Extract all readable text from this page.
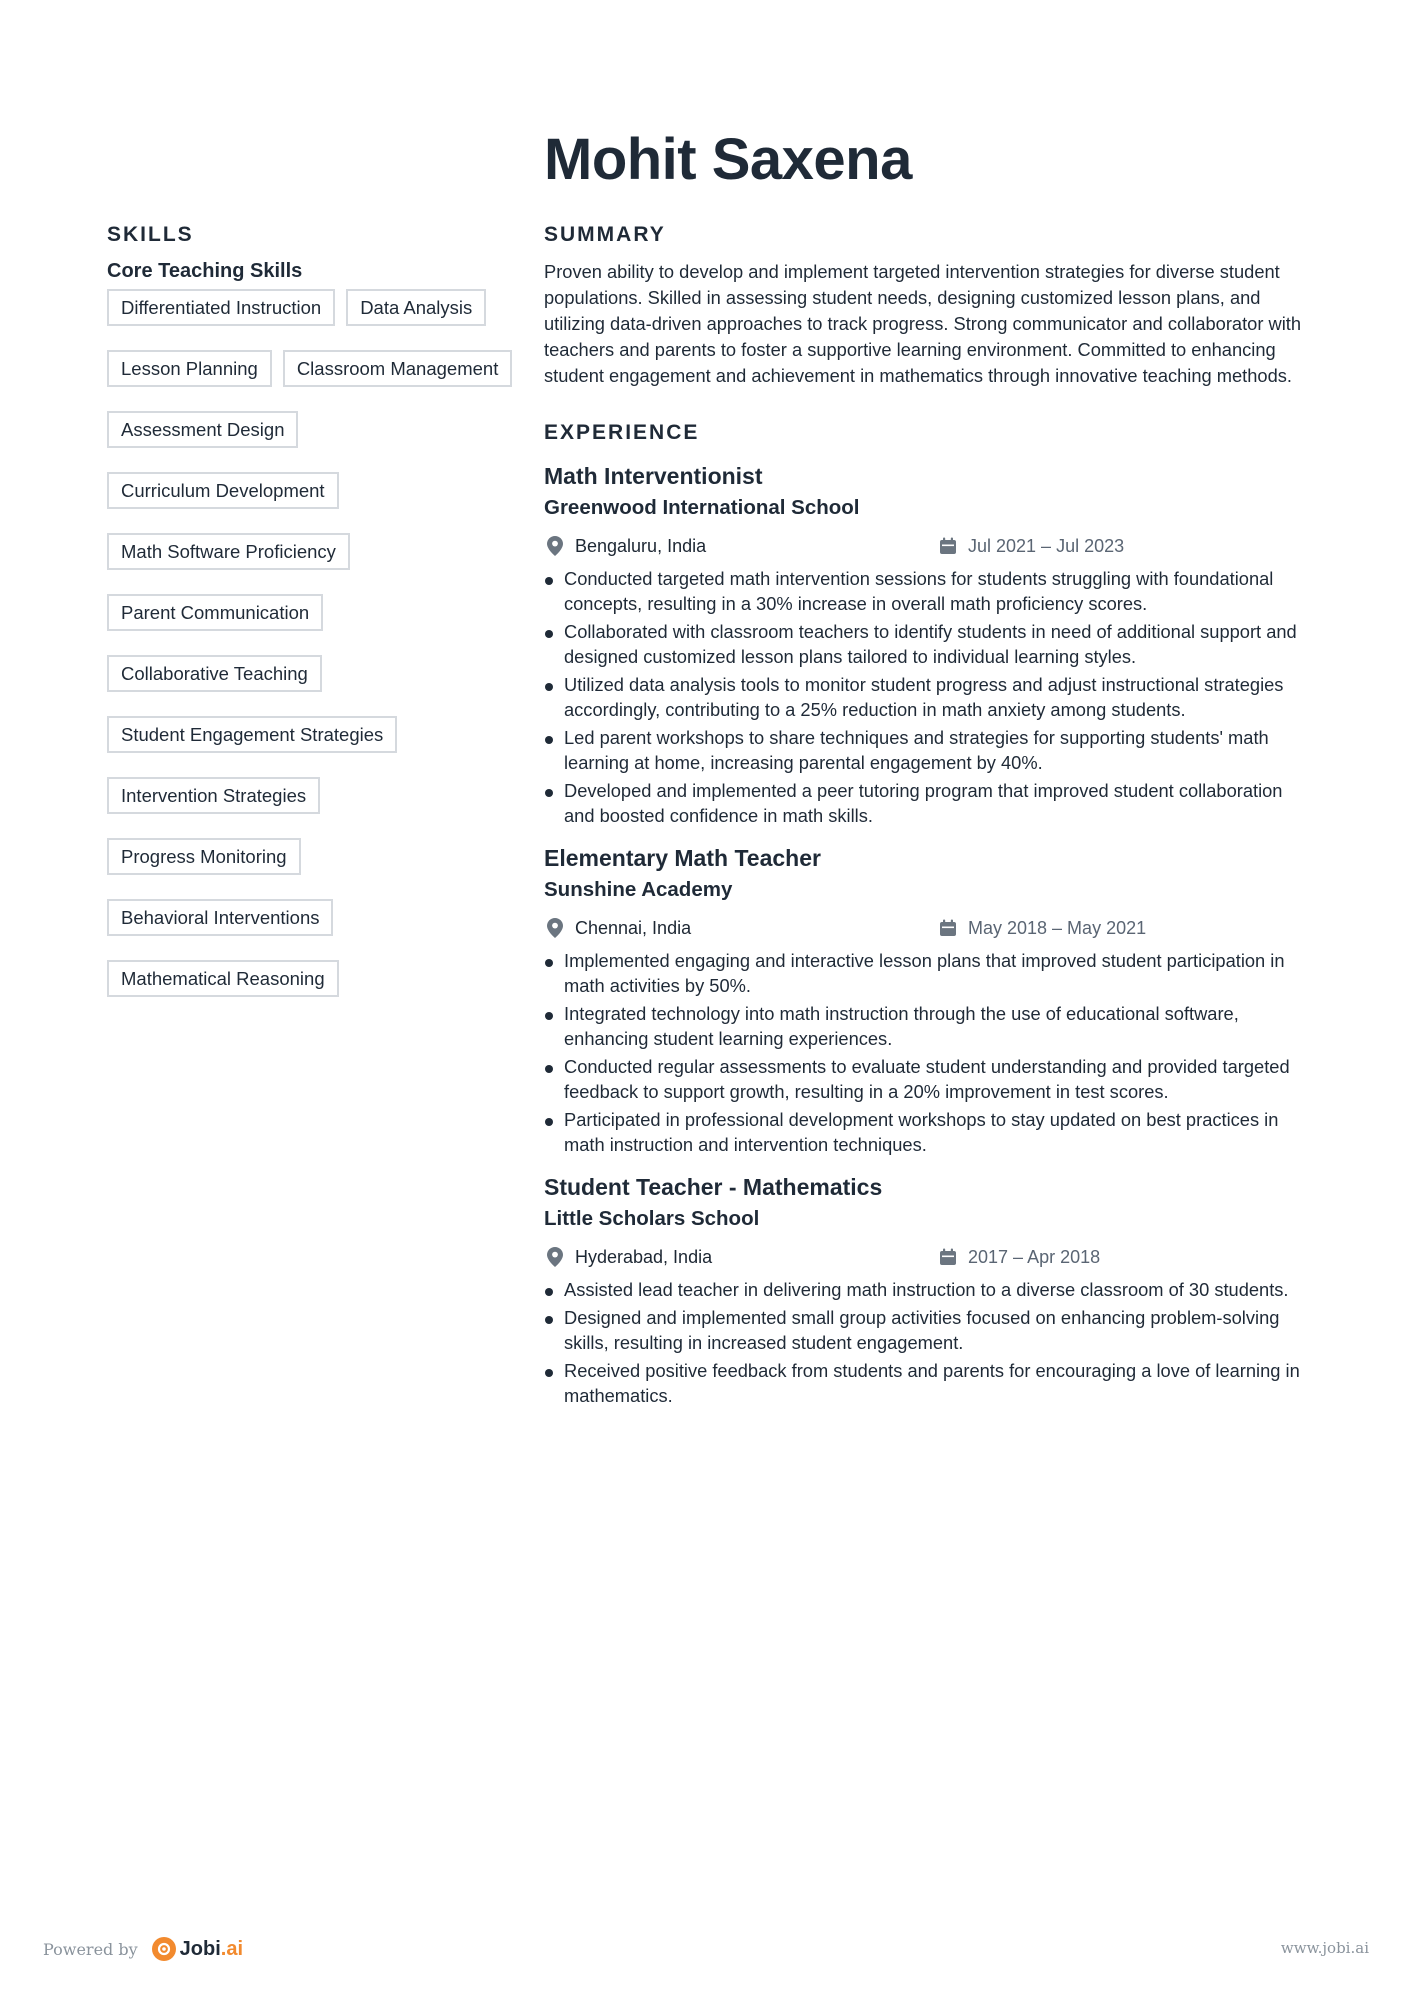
Mohit Saxena
SKILLS
Core Teaching Skills
Differentiated Instruction	Data Analysis
Lesson Planning	Classroom Management
Assessment Design
Curriculum Development
Math Software Proficiency
Parent Communication
Collaborative Teaching
Student Engagement Strategies
Intervention Strategies
Progress Monitoring
Behavioral Interventions
Mathematical Reasoning
SUMMARY

Proven ability to develop and implement targeted intervention strategies for diverse student populations. Skilled in assessing student needs, designing customized lesson plans, and utilizing data-driven approaches to track progress. Strong communicator and collaborator with teachers and parents to foster a supportive learning environment. Committed to enhancing student engagement and achievement in mathematics through innovative teaching methods.

EXPERIENCE
Math Interventionist
Greenwood International School
Bengaluru, India	Jul 2021 – Jul 2023
Conducted targeted math intervention sessions for students struggling with foundational concepts, resulting in a 30% increase in overall math proficiency scores.
Collaborated with classroom teachers to identify students in need of additional support and designed customized lesson plans tailored to individual learning styles.
Utilized data analysis tools to monitor student progress and adjust instructional strategies accordingly, contributing to a 25% reduction in math anxiety among students.
Led parent workshops to share techniques and strategies for supporting students' math learning at home, increasing parental engagement by 40%.
Developed and implemented a peer tutoring program that improved student collaboration and boosted confidence in math skills.
Elementary Math Teacher
Sunshine Academy
Chennai, India	May 2018 – May 2021
Implemented engaging and interactive lesson plans that improved student participation in math activities by 50%.
Integrated technology into math instruction through the use of educational software, enhancing student learning experiences.
Conducted regular assessments to evaluate student understanding and provided targeted feedback to support growth, resulting in a 20% improvement in test scores.
Participated in professional development workshops to stay updated on best practices in math instruction and intervention techniques.
Student Teacher - Mathematics
Little Scholars School
Hyderabad, India	2017 – Apr 2018
Assisted lead teacher in delivering math instruction to a diverse classroom of 30 students.
Designed and implemented small group activities focused on enhancing problem-solving skills, resulting in increased student engagement.
Received positive feedback from students and parents for encouraging a love of learning in mathematics.
Powered by Jobi.ai	www.jobi.ai
